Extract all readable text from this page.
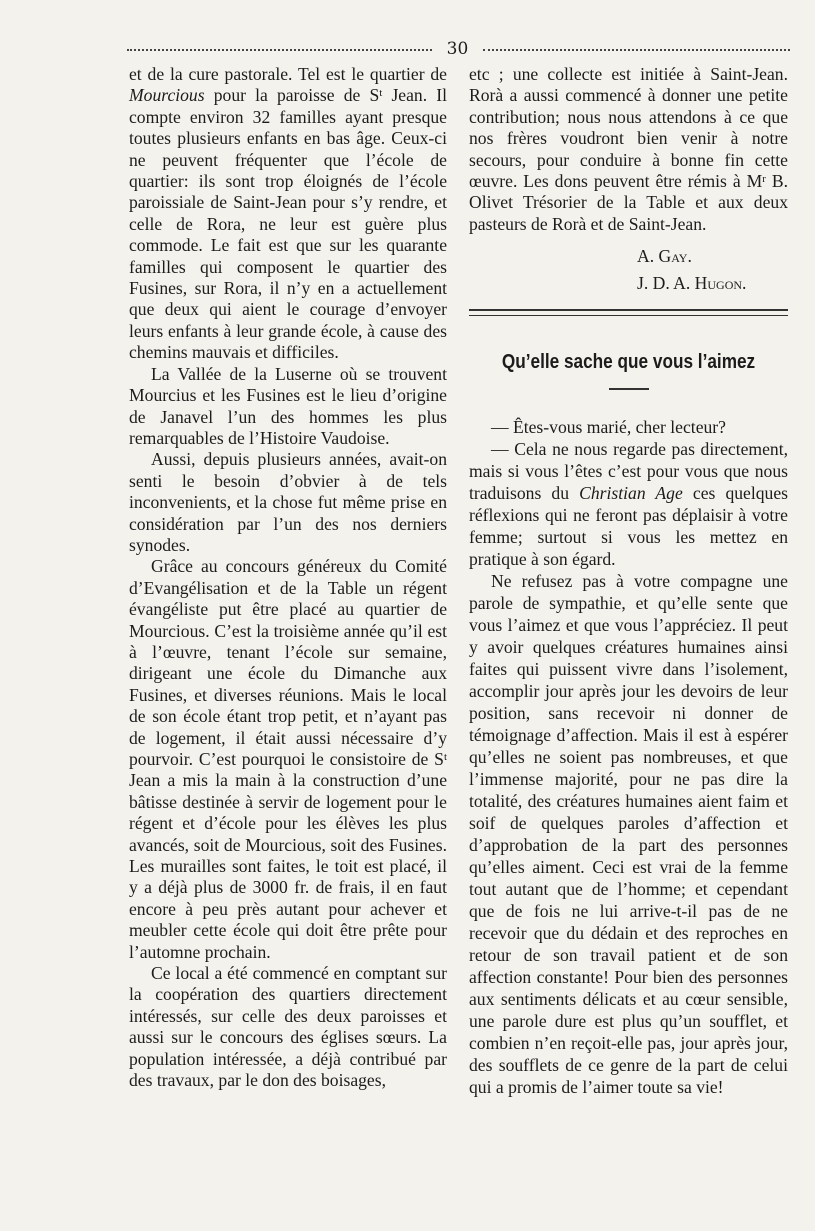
30

et de la cure pastorale. Tel est le quartier de Mourcious pour la paroisse de $S^t$ Jean. Il compte environ 32 familles ayant presque toutes plusieurs enfants en bas âge. Ceux-ci ne peuvent fréquenter que l’école de quartier: ils sont trop éloignés de l’école paroissiale de Saint-Jean pour s’y rendre, et celle de Rora, ne leur est guère plus commode. Le fait est que sur les quarante familles qui composent le quartier des Fusines, sur Rora, il n’y en a actuellement que deux qui aient le courage d’envoyer leurs enfants à leur grande école, à cause des chemins mauvais et difficiles.

La Vallée de la Luserne où se trouvent Mourcius et les Fusines est le lieu d’origine de Janavel l’un des hommes les plus remarquables de l’Histoire Vaudoise.

Aussi, depuis plusieurs années, avait-on senti le besoin d’obvier à de tels inconvenients, et la chose fut même prise en considération par l’un des nos derniers synodes.

Grâce au concours généreux du Comité d’Evangélisation et de la Table un régent évangéliste put être placé au quartier de Mourcious. C’est la troisième année qu’il est à l’œuvre, tenant l’école sur semaine, dirigeant une école du Dimanche aux Fusines, et diverses réunions. Mais le local de son école étant trop petit, et n’ayant pas de logement, il était aussi nécessaire d’y pourvoir. C’est pourquoi le consistoire de $S^t$ Jean a mis la main à la construction d’une bâtisse destinée à servir de logement pour le régent et d’école pour les élèves les plus avancés, soit de Mourcious, soit des Fusines. Les murailles sont faites, le toit est placé, il y a déjà plus de 3000 fr. de frais, il en faut encore à peu près autant pour achever et meubler cette école qui doit être prête pour l’automne prochain.

Ce local a été commencé en comptant sur la coopération des quartiers directement intéressés, sur celle des deux paroisses et aussi sur le concours des églises sœurs. La population intéressée, a déjà contribué par des travaux, par le don des boisages,

etc ; une collecte est initiée à Saint-Jean. Rorà a aussi commencé à donner une petite contribution; nous nous attendons à ce que nos frères voudront bien venir à notre secours, pour conduire à bonne fin cette œuvre. Les dons peuvent être rémis à $M^r$ B. Olivet Trésorier de la Table et aux deux pasteurs de Rorà et de Saint-Jean.

A. Gay.
J. D. A. Hugon.
Qu’elle sache que vous l’aimez

— Êtes-vous marié, cher lecteur?

— Cela ne nous regarde pas directement, mais si vous l’êtes c’est pour vous que nous traduisons du Christian Age ces quelques réflexions qui ne feront pas déplaisir à votre femme; surtout si vous les mettez en pratique à son égard.

Ne refusez pas à votre compagne une parole de sympathie, et qu’elle sente que vous l’aimez et que vous l’appréciez. Il peut y avoir quelques créatures humaines ainsi faites qui puissent vivre dans l’isolement, accomplir jour après jour les devoirs de leur position, sans recevoir ni donner de témoignage d’affection. Mais il est à espérer qu’elles ne soient pas nombreuses, et que l’immense majorité, pour ne pas dire la totalité, des créatures humaines aient faim et soif de quelques paroles d’affection et d’approbation de la part des personnes qu’elles aiment. Ceci est vrai de la femme tout autant que de l’homme; et cependant que de fois ne lui arrive-t-il pas de ne recevoir que du dédain et des reproches en retour de son travail patient et de son affection constante! Pour bien des personnes aux sentiments délicats et au cœur sensible, une parole dure est plus qu’un soufflet, et combien n’en reçoit-elle pas, jour après jour, des soufflets de ce genre de la part de celui qui a promis de l’aimer toute sa vie!
